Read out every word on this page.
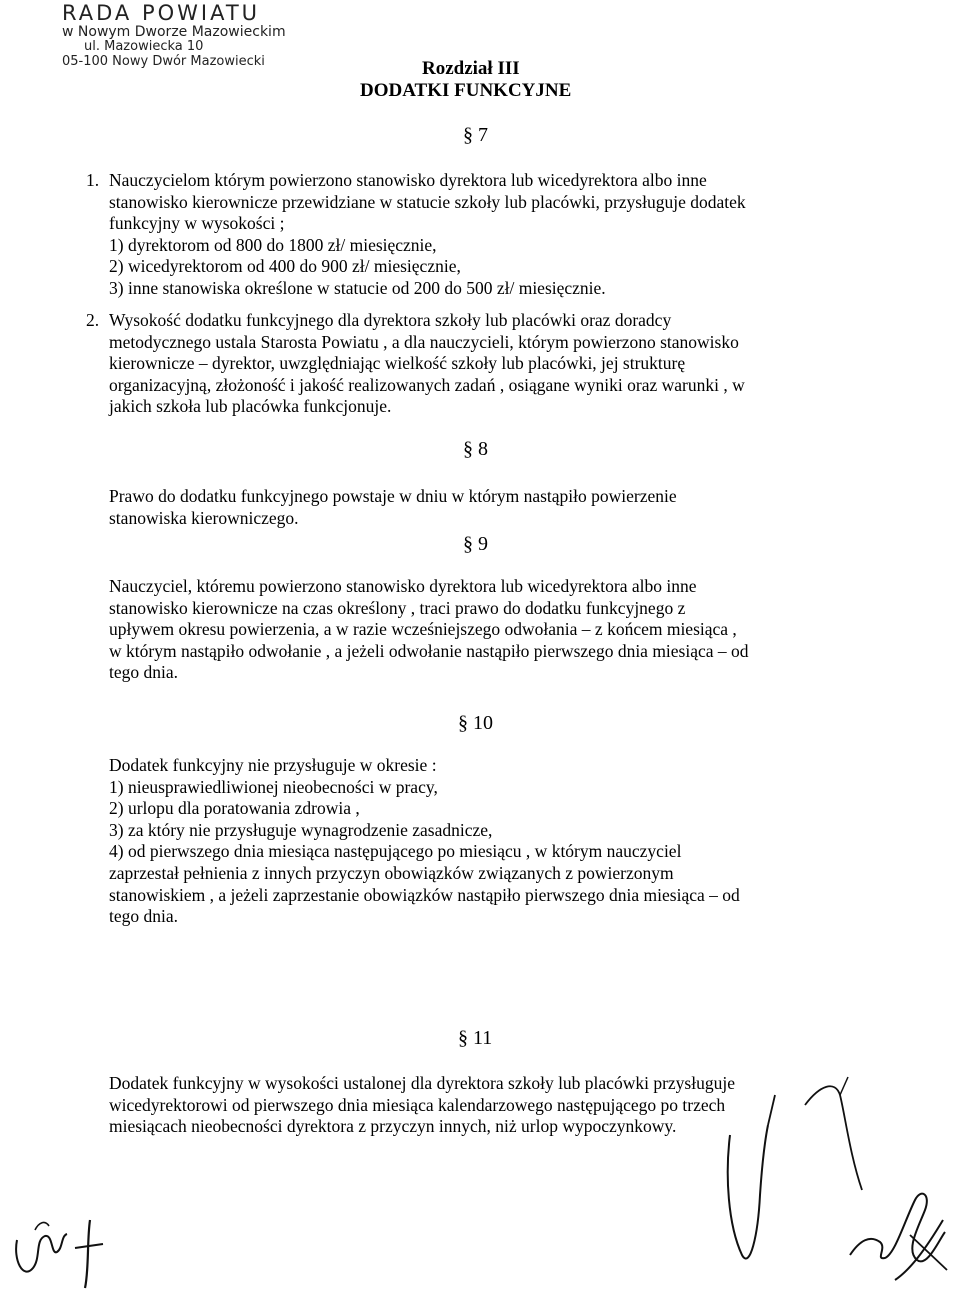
RADA POWIATU
w Nowym Dworze Mazowieckim
ul. Mazowiecka 10
05-100 Nowy Dwór Mazowiecki	Rozdział III
DODATKI FUNKCYJNE
§ 7
1. Nauczycielom którym powierzono stanowisko dyrektora lub wicedyrektora albo inne
stanowisko kierownicze przewidziane w statucie szkoły lub placówki, przysługuje dodatek
funkcyjny w wysokości ;
1) dyrektorom od 800 do 1800 zł/ miesięcznie,
2) wicedyrektorom od 400 do 900 zł/ miesięcznie,
3) inne stanowiska określone w statucie od 200 do 500 zł/ miesięcznie.
2. Wysokość dodatku funkcyjnego dla dyrektora szkoły lub placówki oraz doradcy
metodycznego ustala Starosta Powiatu , a dla nauczycieli, którym powierzono stanowisko
kierownicze – dyrektor, uwzględniając wielkość szkoły lub placówki, jej strukturę
organizacyjną, złożoność i jakość realizowanych zadań , osiągane wyniki oraz warunki , w
jakich szkoła lub placówka funkcjonuje.
§ 8
Prawo do dodatku funkcyjnego powstaje w dniu w którym nastąpiło powierzenie
stanowiska kierowniczego.
§ 9
Nauczyciel, któremu powierzono stanowisko dyrektora lub wicedyrektora albo inne
stanowisko kierownicze na czas określony , traci prawo do dodatku funkcyjnego z
upływem okresu powierzenia, a w razie wcześniejszego odwołania – z końcem miesiąca ,
w którym nastąpiło odwołanie , a jeżeli odwołanie nastąpiło pierwszego dnia miesiąca – od
tego dnia.
§ 10
Dodatek funkcyjny nie przysługuje w okresie :
1) nieusprawiedliwionej nieobecności w pracy,
2) urlopu dla poratowania zdrowia ,
3) za który nie przysługuje wynagrodzenie zasadnicze,
4) od pierwszego dnia miesiąca następującego po miesiącu , w którym nauczyciel
zaprzestał pełnienia z innych przyczyn obowiązków związanych z powierzonym
stanowiskiem , a jeżeli zaprzestanie obowiązków nastąpiło pierwszego dnia miesiąca – od
tego dnia.
§ 11
Dodatek funkcyjny w wysokości ustalonej dla dyrektora szkoły lub placówki przysługuje
wicedyrektorowi od pierwszego dnia miesiąca kalendarzowego następującego po trzech
miesiącach nieobecności dyrektora z przyczyn innych, niż urlop wypoczynkowy.
